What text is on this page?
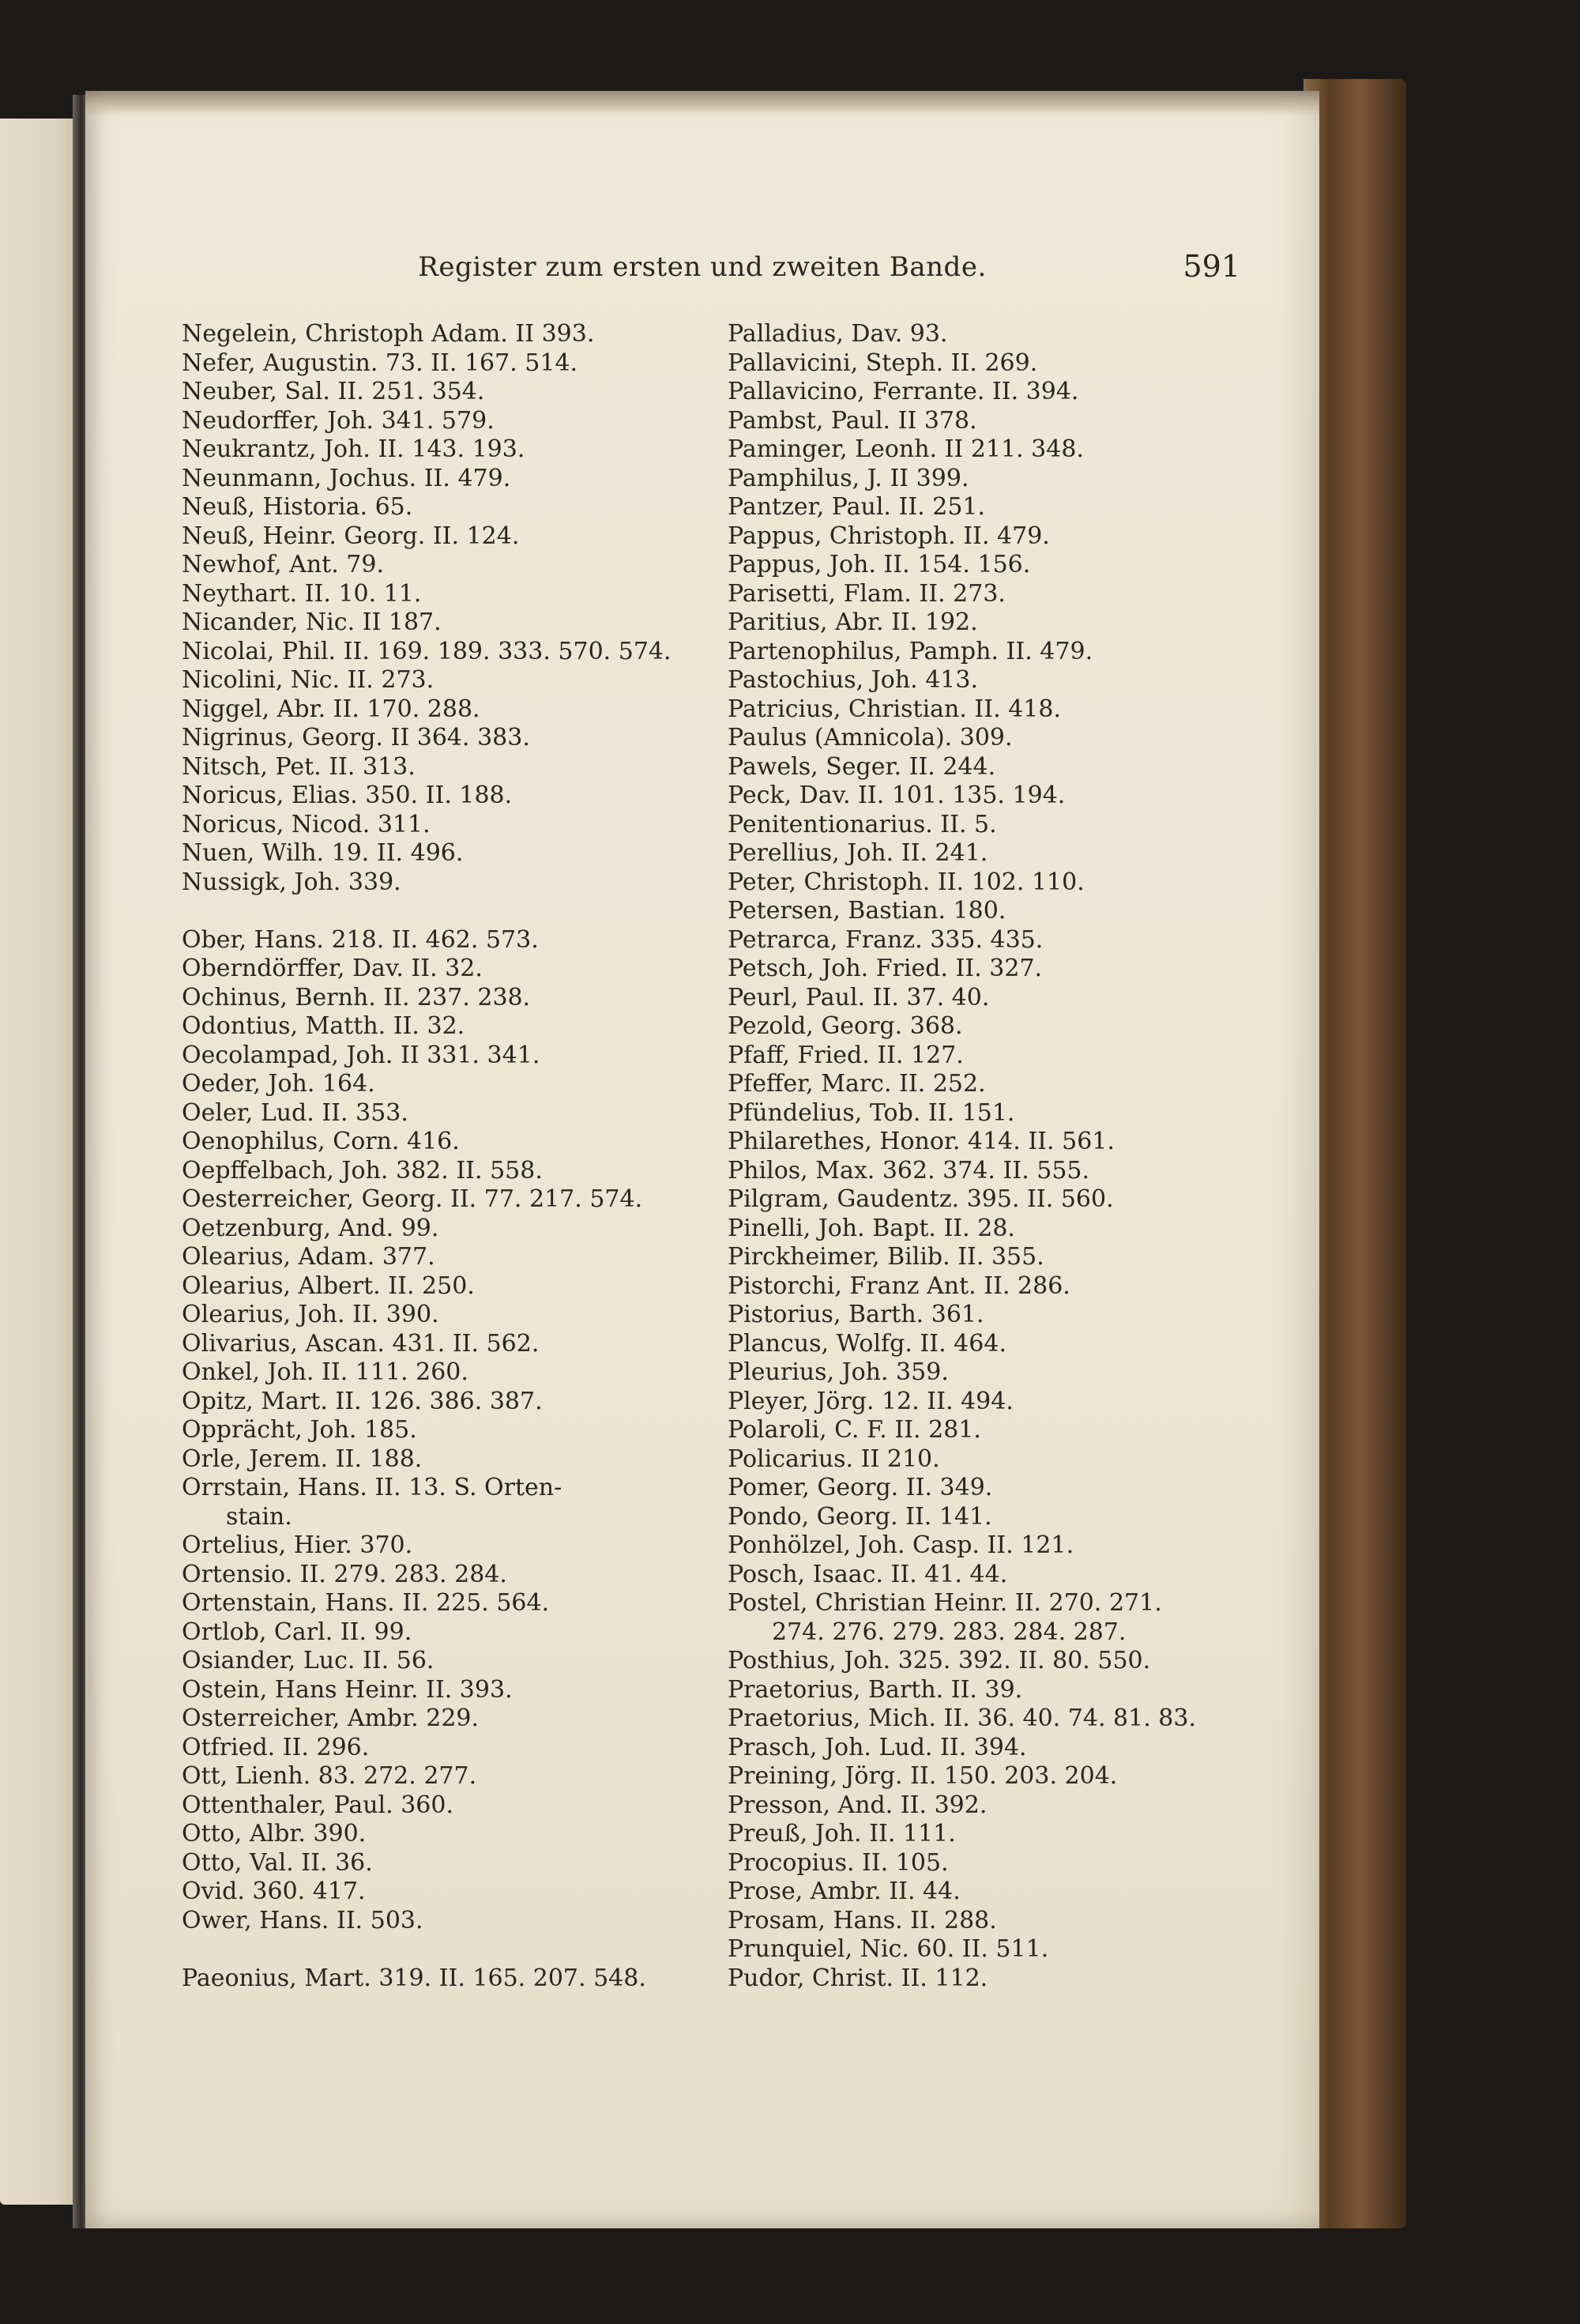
Register zum ersten und zweiten Bande.	591
Negelein, Christoph Adam. II 393.
Nefer, Augustin. 73. II. 167. 514.
Neuber, Sal. II. 251. 354.
Neudorffer, Joh. 341. 579.
Neukrantz, Joh. II. 143. 193.
Neunmann, Jochus. II. 479.
Neuß, Historia. 65.
Neuß, Heinr. Georg. II. 124.
Newhof, Ant. 79.
Neythart. II. 10. 11.
Nicander, Nic. II 187.
Nicolai, Phil. II. 169. 189. 333. 570. 574.
Nicolini, Nic. II. 273.
Niggel, Abr. II. 170. 288.
Nigrinus, Georg. II 364. 383.
Nitsch, Pet. II. 313.
Noricus, Elias. 350. II. 188.
Noricus, Nicod. 311.
Nuen, Wilh. 19. II. 496.
Nussigk, Joh. 339.
Ober, Hans. 218. II. 462. 573.
Oberndörffer, Dav. II. 32.
Ochinus, Bernh. II. 237. 238.
Odontius, Matth. II. 32.
Oecolampad, Joh. II 331. 341.
Oeder, Joh. 164.
Oeler, Lud. II. 353.
Oenophilus, Corn. 416.
Oepffelbach, Joh. 382. II. 558.
Oesterreicher, Georg. II. 77. 217. 574.
Oetzenburg, And. 99.
Olearius, Adam. 377.
Olearius, Albert. II. 250.
Olearius, Joh. II. 390.
Olivarius, Ascan. 431. II. 562.
Onkel, Joh. II. 111. 260.
Opitz, Mart. II. 126. 386. 387.
Opprächt, Joh. 185.
Orle, Jerem. II. 188.
Orrstain, Hans. II. 13. S. Orten-
stain.
Ortelius, Hier. 370.
Ortensio. II. 279. 283. 284.
Ortenstain, Hans. II. 225. 564.
Ortlob, Carl. II. 99.
Osiander, Luc. II. 56.
Ostein, Hans Heinr. II. 393.
Osterreicher, Ambr. 229.
Otfried. II. 296.
Ott, Lienh. 83. 272. 277.
Ottenthaler, Paul. 360.
Otto, Albr. 390.
Otto, Val. II. 36.
Ovid. 360. 417.
Ower, Hans. II. 503.
Paeonius, Mart. 319. II. 165. 207. 548.
Palladius, Dav. 93.
Pallavicini, Steph. II. 269.
Pallavicino, Ferrante. II. 394.
Pambst, Paul. II 378.
Paminger, Leonh. II 211. 348.
Pamphilus, J. II 399.
Pantzer, Paul. II. 251.
Pappus, Christoph. II. 479.
Pappus, Joh. II. 154. 156.
Parisetti, Flam. II. 273.
Paritius, Abr. II. 192.
Partenophilus, Pamph. II. 479.
Pastochius, Joh. 413.
Patricius, Christian. II. 418.
Paulus (Amnicola). 309.
Pawels, Seger. II. 244.
Peck, Dav. II. 101. 135. 194.
Penitentionarius. II. 5.
Perellius, Joh. II. 241.
Peter, Christoph. II. 102. 110.
Petersen, Bastian. 180.
Petrarca, Franz. 335. 435.
Petsch, Joh. Fried. II. 327.
Peurl, Paul. II. 37. 40.
Pezold, Georg. 368.
Pfaff, Fried. II. 127.
Pfeffer, Marc. II. 252.
Pfündelius, Tob. II. 151.
Philarethes, Honor. 414. II. 561.
Philos, Max. 362. 374. II. 555.
Pilgram, Gaudentz. 395. II. 560.
Pinelli, Joh. Bapt. II. 28.
Pirckheimer, Bilib. II. 355.
Pistorchi, Franz Ant. II. 286.
Pistorius, Barth. 361.
Plancus, Wolfg. II. 464.
Pleurius, Joh. 359.
Pleyer, Jörg. 12. II. 494.
Polaroli, C. F. II. 281.
Policarius. II 210.
Pomer, Georg. II. 349.
Pondo, Georg. II. 141.
Ponhölzel, Joh. Casp. II. 121.
Posch, Isaac. II. 41. 44.
Postel, Christian Heinr. II. 270. 271.
274. 276. 279. 283. 284. 287.
Posthius, Joh. 325. 392. II. 80. 550.
Praetorius, Barth. II. 39.
Praetorius, Mich. II. 36. 40. 74. 81. 83.
Prasch, Joh. Lud. II. 394.
Preining, Jörg. II. 150. 203. 204.
Presson, And. II. 392.
Preuß, Joh. II. 111.
Procopius. II. 105.
Prose, Ambr. II. 44.
Prosam, Hans. II. 288.
Prunquiel, Nic. 60. II. 511.
Pudor, Christ. II. 112.
